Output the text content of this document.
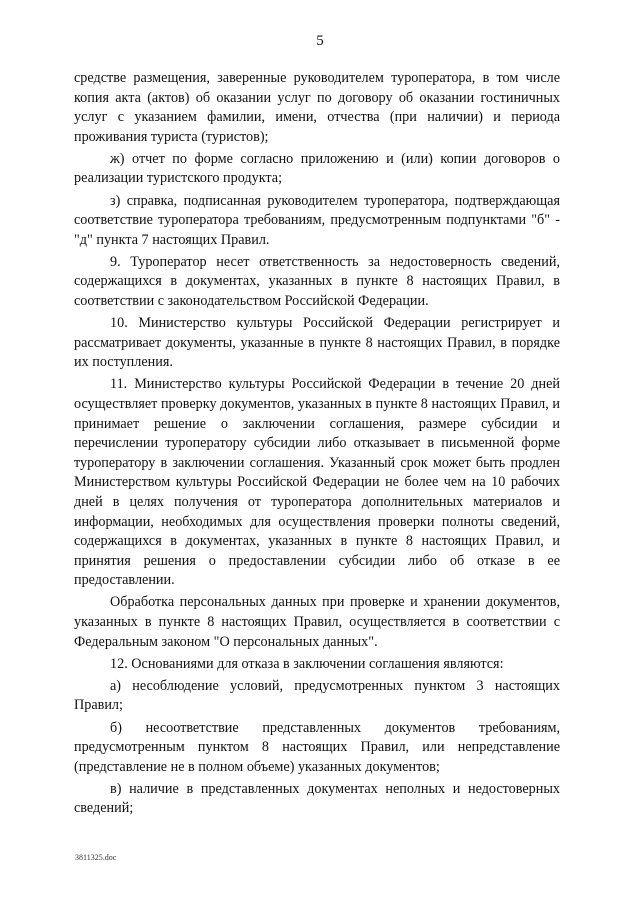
5

средстве размещения, заверенные руководителем туроператора, в том числе копия акта (актов) об оказании услуг по договору об оказании гостиничных услуг с указанием фамилии, имени, отчества (при наличии) и периода проживания туриста (туристов);

ж) отчет по форме согласно приложению и (или) копии договоров о реализации туристского продукта;

з) справка, подписанная руководителем туроператора, подтверждающая соответствие туроператора требованиям, предусмотренным подпунктами "б" - "д" пункта 7 настоящих Правил.

9. Туроператор несет ответственность за недостоверность сведений, содержащихся в документах, указанных в пункте 8 настоящих Правил, в соответствии с законодательством Российской Федерации.

10. Министерство культуры Российской Федерации регистрирует и рассматривает документы, указанные в пункте 8 настоящих Правил, в порядке их поступления.

11. Министерство культуры Российской Федерации в течение 20 дней осуществляет проверку документов, указанных в пункте 8 настоящих Правил, и принимает решение о заключении соглашения, размере субсидии и перечислении туроператору субсидии либо отказывает в письменной форме туроператору в заключении соглашения. Указанный срок может быть продлен Министерством культуры Российской Федерации не более чем на 10 рабочих дней в целях получения от туроператора дополнительных материалов и информации, необходимых для осуществления проверки полноты сведений, содержащихся в документах, указанных в пункте 8 настоящих Правил, и принятия решения о предоставлении субсидии либо об отказе в ее предоставлении.

Обработка персональных данных при проверке и хранении документов, указанных в пункте 8 настоящих Правил, осуществляется в соответствии с Федеральным законом "О персональных данных".

12. Основаниями для отказа в заключении соглашения являются:

а) несоблюдение условий, предусмотренных пунктом 3 настоящих Правил;

б) несоответствие представленных документов требованиям, предусмотренным пунктом 8 настоящих Правил, или непредставление (представление не в полном объеме) указанных документов;

в) наличие в представленных документах неполных и недостоверных сведений;

3811325.doc
